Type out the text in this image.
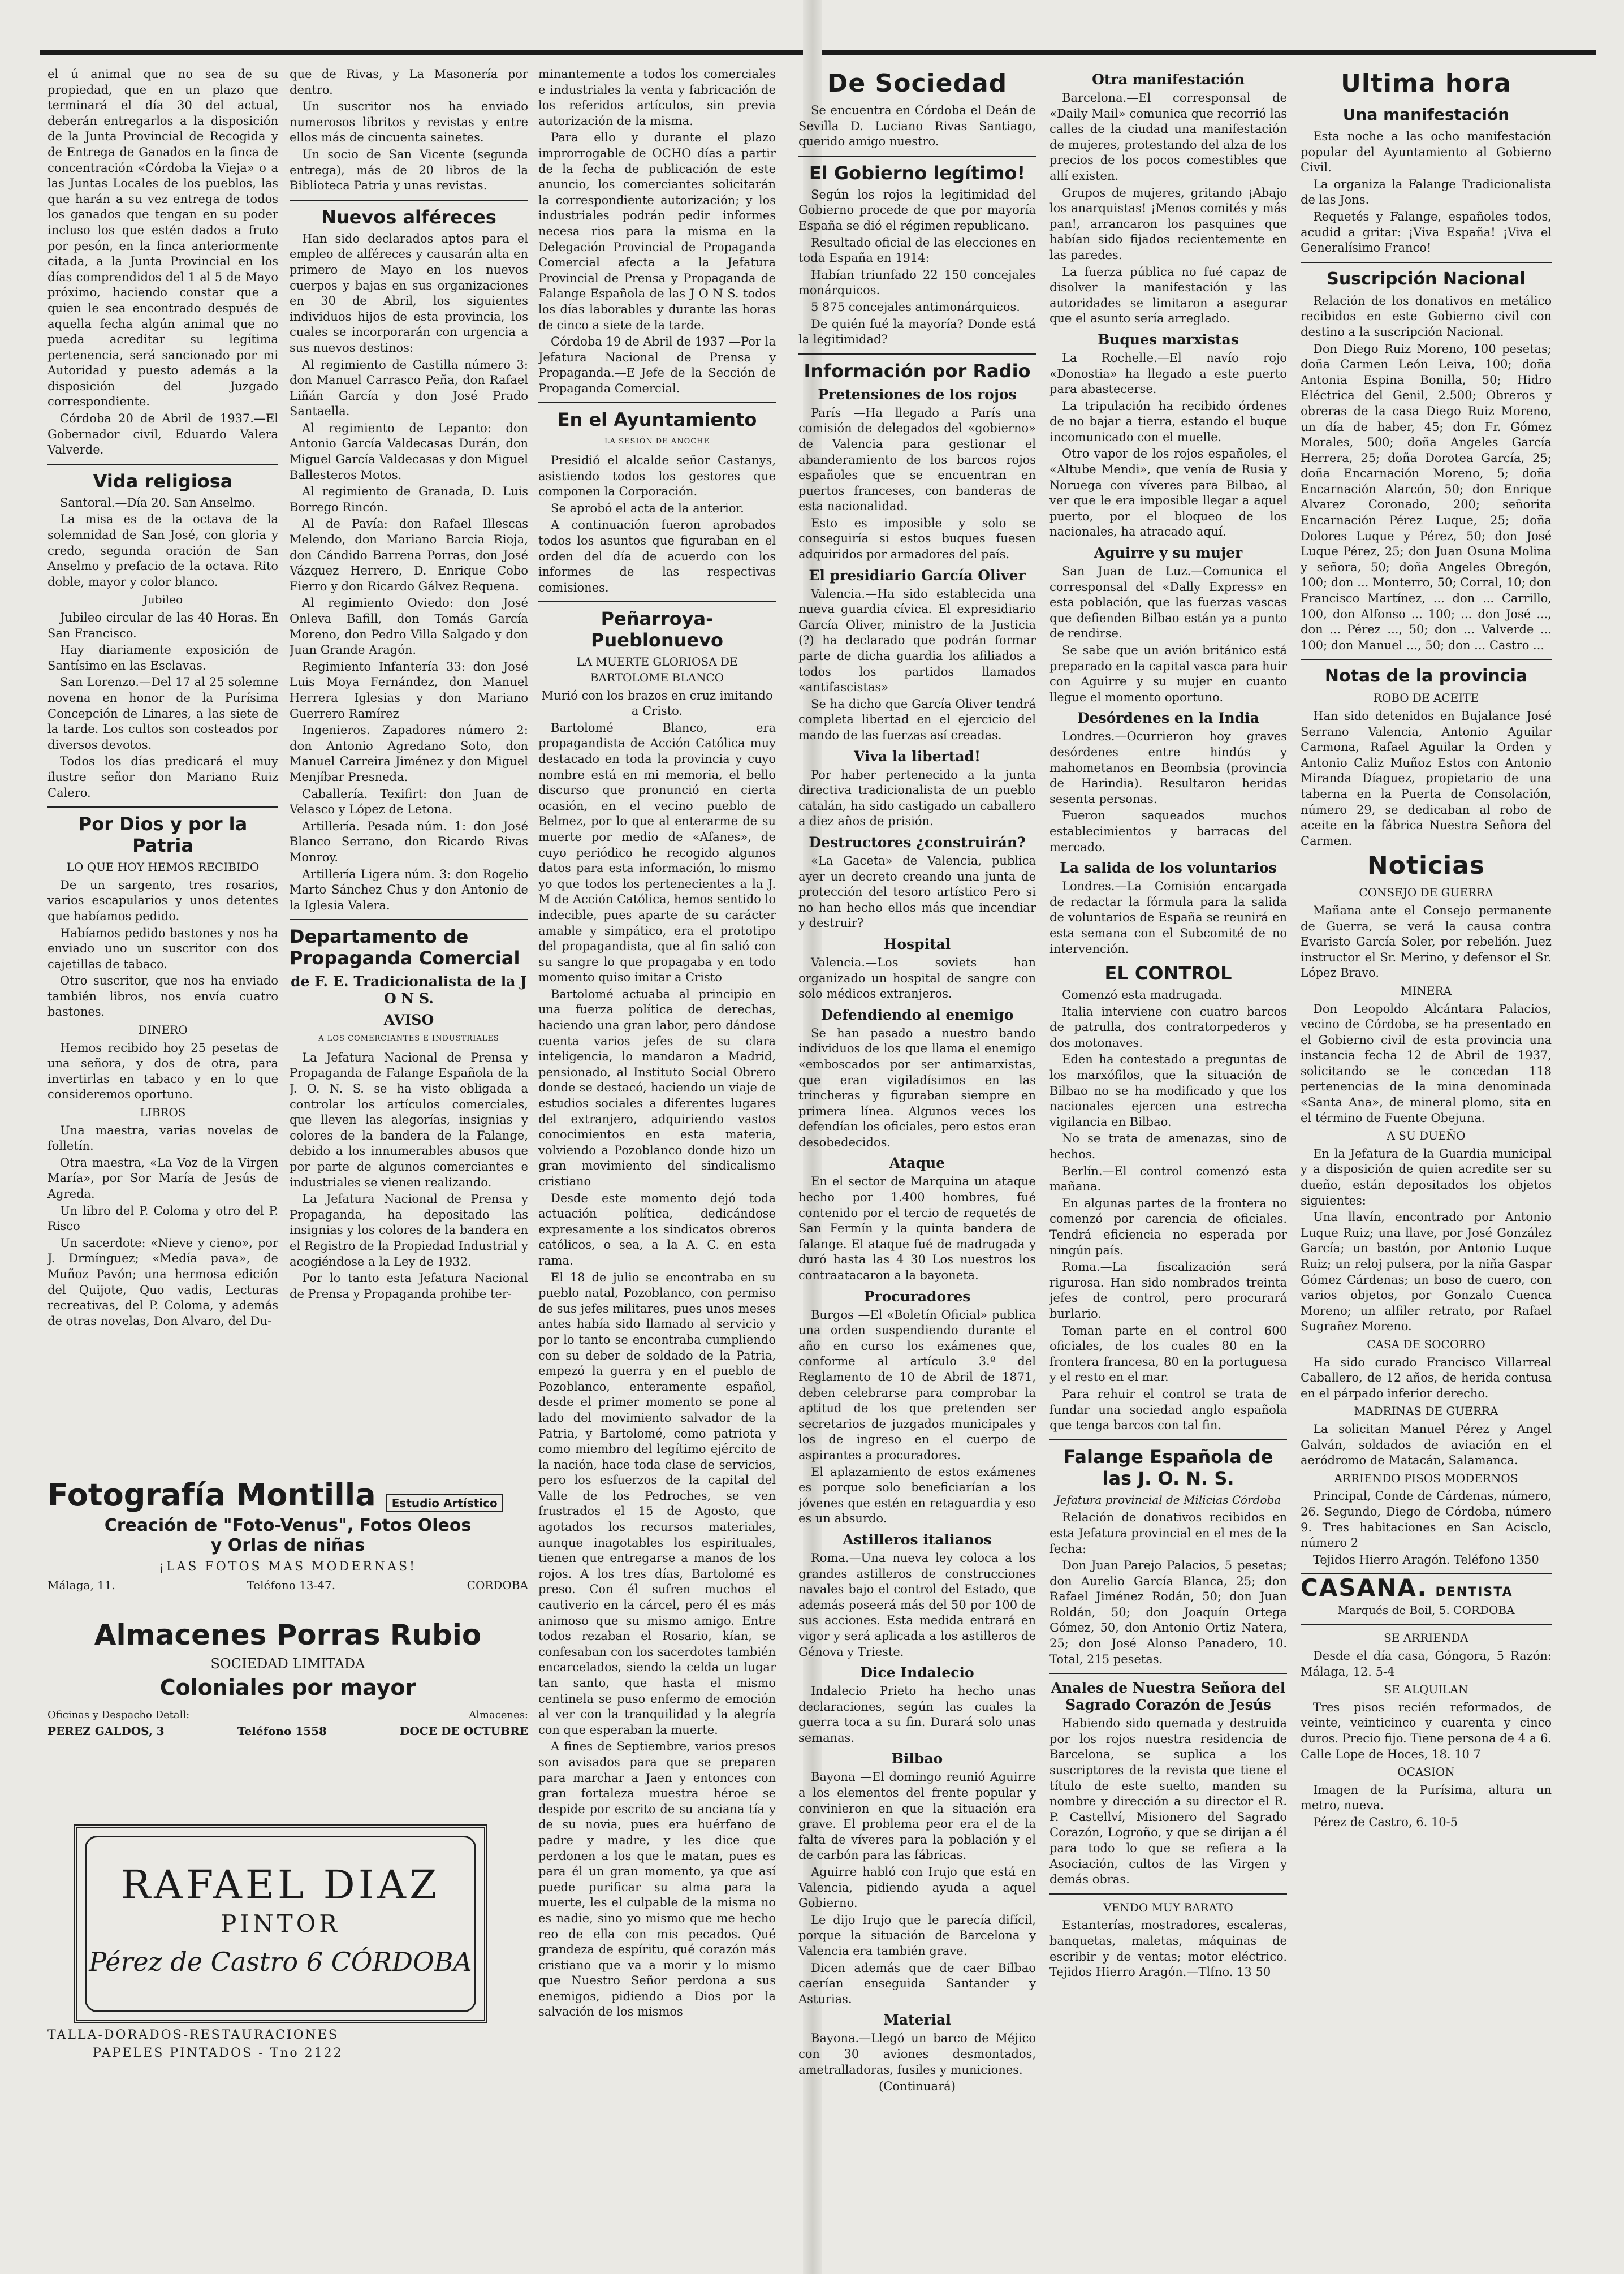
el ú animal que no sea de su propiedad, que en un plazo que terminará el día 30 del actual, deberán entregarlos a la disposición de la Junta Provincial de Recogida y de Entrega de Ganados en la finca de concentración «Córdoba la Vieja» o a las Juntas Locales de los pueblos, las que harán a su vez entrega de todos los ganados que tengan en su poder incluso los que estén dados a fruto por pesón, en la finca anteriormente citada, a la Junta Provincial en los días comprendidos del 1 al 5 de Mayo próximo, haciendo constar que a quien le sea encontrado después de aquella fecha algún animal que no pueda acreditar su legítima pertenencia, será sancionado por mi Autoridad y puesto además a la disposición del Juzgado correspondiente.

Córdoba 20 de Abril de 1937.—El Gobernador civil, Eduardo Valera Valverde.

Vida religiosa

Santoral.—Día 20. San Anselmo.

La misa es de la octava de la solemnidad de San José, con gloria y credo, segunda oración de San Anselmo y prefacio de la octava. Rito doble, mayor y color blanco.

Jubileo

Jubileo circular de las 40 Horas. En San Francisco.

Hay diariamente exposición de Santísimo en las Esclavas.

San Lorenzo.—Del 17 al 25 solemne novena en honor de la Purísima Concepción de Linares, a las siete de la tarde. Los cultos son costeados por diversos devotos.

Todos los días predicará el muy ilustre señor don Mariano Ruiz Calero.

Por Dios y por la Patria
LO QUE HOY HEMOS RECIBIDO

De un sargento, tres rosarios, varios escapularios y unos detentes que habíamos pedido.

Habíamos pedido bastones y nos ha enviado uno un suscritor con dos cajetillas de tabaco.

Otro suscritor, que nos ha enviado también libros, nos envía cuatro bastones.

DINERO

Hemos recibido hoy 25 pesetas de una señora, y dos de otra, para invertirlas en tabaco y en lo que consideremos oportuno.

LIBROS

Una maestra, varias novelas de folletín.

Otra maestra, «La Voz de la Virgen María», por Sor María de Jesús de Agreda.

Un libro del P. Coloma y otro del P. Risco

Un sacerdote: «Nieve y cieno», por J. Drmínguez; «Medía pava», de Muñoz Pavón; una hermosa edición del Quijote, Quo vadis, Lecturas recreativas, del P. Coloma, y además de otras novelas, Don Alvaro, del Du-

que de Rivas, y La Masonería por dentro.

Un suscritor nos ha enviado numerosos libritos y revistas y entre ellos más de cincuenta sainetes.

Un socio de San Vicente (segunda entrega), más de 20 libros de la Biblioteca Patria y unas revistas.

Nuevos alféreces

Han sido declarados aptos para el empleo de alféreces y causarán alta en primero de Mayo en los nuevos cuerpos y bajas en sus organizaciones en 30 de Abril, los siguientes individuos hijos de esta provincia, los cuales se incorporarán con urgencia a sus nuevos destinos:

Al regimiento de Castilla número 3: don Manuel Carrasco Peña, don Rafael Liñán García y don José Prado Santaella.

Al regimiento de Lepanto: don Antonio García Valdecasas Durán, don Miguel García Valdecasas y don Miguel Ballesteros Motos.

Al regimiento de Granada, D. Luis Borrego Rincón.

Al de Pavía: don Rafael Illescas Melendo, don Mariano Barcia Rioja, don Cándido Barrena Porras, don José Vázquez Herrero, D. Enrique Cobo Fierro y don Ricardo Gálvez Requena.

Al regimiento Oviedo: don José Onleva Bafill, don Tomás García Moreno, don Pedro Villa Salgado y don Juan Grande Aragón.

Regimiento Infantería 33: don José Luis Moya Fernández, don Manuel Herrera Iglesias y don Mariano Guerrero Ramírez

Ingenieros. Zapadores número 2: don Antonio Agredano Soto, don Manuel Carreira Jiménez y don Miguel Menjíbar Presneda.

Caballería. Texifirt: don Juan de Velasco y López de Letona.

Artillería. Pesada núm. 1: don José Blanco Serrano, don Ricardo Rivas Monroy.

Artillería Ligera núm. 3: don Rogelio Marto Sánchez Chus y don Antonio de la Iglesia Valera.

Departamento de Propaganda Comercial
de F. E. Tradicionalista de la J O N S.
AVISO
A LOS COMERCIANTES E INDUSTRIALES

La Jefatura Nacional de Prensa y Propaganda de Falange Española de la J. O. N. S. se ha visto obligada a controlar los artículos comerciales, que lleven las alegorías, insignias y colores de la bandera de la Falange, debido a los innumerables abusos que por parte de algunos comerciantes e industriales se vienen realizando.

La Jefatura Nacional de Prensa y Propaganda, ha depositado las insignias y los colores de la bandera en el Registro de la Propiedad Industrial y acogiéndose a la Ley de 1932.

Por lo tanto esta Jefatura Nacional de Prensa y Propaganda prohibe ter-

minantemente a todos los comerciales e industriales la venta y fabricación de los referidos artículos, sin previa autorización de la misma.

Para ello y durante el plazo improrrogable de OCHO días a partir de la fecha de publicación de este anuncio, los comerciantes solicitarán la correspondiente autorización; y los industriales podrán pedir informes necesa rios para la misma en la Delegación Provincial de Propaganda Comercial afecta a la Jefatura Provincial de Prensa y Propaganda de Falange Española de las J O N S. todos los días laborables y durante las horas de cinco a siete de la tarde.

Córdoba 19 de Abril de 1937 —Por la Jefatura Nacional de Prensa y Propaganda.—E Jefe de la Sección de Propaganda Comercial.

En el Ayuntamiento
LA SESIÓN DE ANOCHE

Presidió el alcalde señor Castanys, asistiendo todos los gestores que componen la Corporación.

Se aprobó el acta de la anterior.

A continuación fueron aprobados todos los asuntos que figuraban en el orden del día de acuerdo con los informes de las respectivas comisiones.

Peñarroya-Pueblonuevo
LA MUERTE GLORIOSA DE BARTOLOME BLANCO

Murió con los brazos en cruz imitando a Cristo.

Bartolomé Blanco, era propagandista de Acción Católica muy destacado en toda la provincia y cuyo nombre está en mi memoria, el bello discurso que pronunció en cierta ocasión, en el vecino pueblo de Belmez, por lo que al enterarme de su muerte por medio de «Afanes», de cuyo periódico he recogido algunos datos para esta información, lo mismo yo que todos los pertenecientes a la J. M de Acción Católica, hemos sentido lo indecible, pues aparte de su carácter amable y simpático, era el prototipo del propagandista, que al fin salió con su sangre lo que propagaba y en todo momento quiso imitar a Cristo

Bartolomé actuaba al principio en una fuerza política de derechas, haciendo una gran labor, pero dándose cuenta varios jefes de su clara inteligencia, lo mandaron a Madrid, pensionado, al Instituto Social Obrero donde se destacó, haciendo un viaje de estudios sociales a diferentes lugares del extranjero, adquiriendo vastos conocimientos en esta materia, volviendo a Pozoblanco donde hizo un gran movimiento del sindicalismo cristiano

Desde este momento dejó toda actuación política, dedicándose expresamente a los sindicatos obreros católicos, o sea, a la A. C. en esta rama.

El 18 de julio se encontraba en su pueblo natal, Pozoblanco, con permiso de sus jefes militares, pues unos meses antes había sido llamado al servicio y por lo tanto se encontraba cumpliendo con su deber de soldado de la Patria, empezó la guerra y en el pueblo de Pozoblanco, enteramente español, desde el primer momento se pone al lado del movimiento salvador de la Patria, y Bartolomé, como patriota y como miembro del legítimo ejército de la nación, hace toda clase de servicios, pero los esfuerzos de la capital del Valle de los Pedroches, se ven frustrados el 15 de Agosto, que agotados los recursos materiales, aunque inagotables los espirituales, tienen que entregarse a manos de los rojos. A los tres días, Bartolomé es preso. Con él sufren muchos el cautiverio en la cárcel, pero él es más animoso que su mismo amigo. Entre todos rezaban el Rosario, kían, se confesaban con los sacerdotes también encarcelados, siendo la celda un lugar tan santo, que hasta el mismo centinela se puso enfermo de emoción al ver con la tranquilidad y la alegría con que esperaban la muerte.

A fines de Septiembre, varios presos son avisados para que se preparen para marchar a Jaen y entonces con gran fortaleza muestra héroe se despide por escrito de su anciana tía y de su novia, pues era huérfano de padre y madre, y les dice que perdonen a los que le matan, pues es para él un gran momento, ya que así puede purificar su alma para la muerte, les el culpable de la misma no es nadie, sino yo mismo que me hecho reo de ella con mis pecados. Qué grandeza de espíritu, qué corazón más cristiano que va a morir y lo mismo que Nuestro Señor perdona a sus enemigos, pidiendo a Dios por la salvación de los mismos

De Sociedad

Se encuentra en Córdoba el Deán de Sevilla D. Luciano Rivas Santiago, querido amigo nuestro.

El Gobierno legítimo!

Según los rojos la legitimidad del Gobierno procede de que por mayoría España se dió el régimen republicano.

Resultado oficial de las elecciones en toda España en 1914:

Habían triunfado 22 150 concejales monárquicos.

5 875 concejales antimonárquicos.

De quién fué la mayoría? Donde está la legitimidad?

Información por Radio
Pretensiones de los rojos

París —Ha llegado a París una comisión de delegados del «gobierno» de Valencia para gestionar el abanderamiento de los barcos rojos españoles que se encuentran en puertos franceses, con banderas de esta nacionalidad.

Esto es imposible y solo se conseguiría si estos buques fuesen adquiridos por armadores del país.

El presidiario García Oliver

Valencia.—Ha sido establecida una nueva guardia cívica. El expresidiario García Oliver, ministro de la Justicia (?) ha declarado que podrán formar parte de dicha guardia los afiliados a todos los partidos llamados «antifascistas»

Se ha dicho que García Oliver tendrá completa libertad en el ejercicio del mando de las fuerzas así creadas.

Viva la libertad!

Por haber pertenecido a la junta directiva tradicionalista de un pueblo catalán, ha sido castigado un caballero a diez años de prisión.

Destructores ¿construirán?

«La Gaceta» de Valencia, publica ayer un decreto creando una junta de protección del tesoro artístico Pero si no han hecho ellos más que incendiar y destruir?

Hospital

Valencia.—Los soviets han organizado un hospital de sangre con solo médicos extranjeros.

Defendiendo al enemigo

Se han pasado a nuestro bando individuos de los que llama el enemigo «emboscados por ser antimarxistas, que eran vigiladísimos en las trincheras y figuraban siempre en primera línea. Algunos veces los defendían los oficiales, pero estos eran desobedecidos.

Ataque

En el sector de Marquina un ataque hecho por 1.400 hombres, fué contenido por el tercio de requetés de San Fermín y la quinta bandera de falange. El ataque fué de madrugada y duró hasta las 4 30 Los nuestros los contraatacaron a la bayoneta.

Procuradores

Burgos —El «Boletín Oficial» publica una orden suspendiendo durante el año en curso los exámenes que, conforme al artículo 3.º del Reglamento de 10 de Abril de 1871, deben celebrarse para comprobar la aptitud de los que pretenden ser secretarios de juzgados municipales y los de ingreso en el cuerpo de aspirantes a procuradores.

El aplazamiento de estos exámenes es porque solo beneficiarían a los jóvenes que estén en retaguardia y eso es un absurdo.

Astilleros italianos

Roma.—Una nueva ley coloca a los grandes astilleros de construcciones navales bajo el control del Estado, que además poseerá más del 50 por 100 de sus acciones. Esta medida entrará en vigor y será aplicada a los astilleros de Génova y Trieste.

Dice Indalecio

Indalecio Prieto ha hecho unas declaraciones, según las cuales la guerra toca a su fin. Durará solo unas semanas.

Bilbao

Bayona —El domingo reunió Aguirre a los elementos del frente popular y convinieron en que la situación era grave. El problema peor era el de la falta de víveres para la población y el de carbón para las fábricas.

Aguirre habló con Irujo que está en Valencia, pidiendo ayuda a aquel Gobierno.

Le dijo Irujo que le parecía difícil, porque la situación de Barcelona y Valencia era también grave.

Dicen además que de caer Bilbao caerían enseguida Santander y Asturias.

Material

Bayona.—Llegó un barco de Méjico con 30 aviones desmontados, ametralladoras, fusiles y municiones.

(Continuará)

Otra manifestación

Barcelona.—El corresponsal de «Daily Mail» comunica que recorrió las calles de la ciudad una manifestación de mujeres, protestando del alza de los precios de los pocos comestibles que allí existen.

Grupos de mujeres, gritando ¡Abajo los anarquistas! ¡Menos comités y más pan!, arrancaron los pasquines que habían sido fijados recientemente en las paredes.

La fuerza pública no fué capaz de disolver la manifestación y las autoridades se limitaron a asegurar que el asunto sería arreglado.

Buques marxistas

La Rochelle.—El navío rojo «Donostia» ha llegado a este puerto para abastecerse.

La tripulación ha recibido órdenes de no bajar a tierra, estando el buque incomunicado con el muelle.

Otro vapor de los rojos españoles, el «Altube Mendi», que venía de Rusia y Noruega con víveres para Bilbao, al ver que le era imposible llegar a aquel puerto, por el bloqueo de los nacionales, ha atracado aquí.

Aguirre y su mujer

San Juan de Luz.—Comunica el corresponsal del «Dally Express» en esta población, que las fuerzas vascas que defienden Bilbao están ya a punto de rendirse.

Se sabe que un avión británico está preparado en la capital vasca para huir con Aguirre y su mujer en cuanto llegue el momento oportuno.

Desórdenes en la India

Londres.—Ocurrieron hoy graves desórdenes entre hindús y mahometanos en Beombsia (provincia de Harindia). Resultaron heridas sesenta personas.

Fueron saqueados muchos establecimientos y barracas del mercado.

La salida de los voluntarios

Londres.—La Comisión encargada de redactar la fórmula para la salida de voluntarios de España se reunirá en esta semana con el Subcomité de no intervención.

EL CONTROL

Comenzó esta madrugada.

Italia interviene con cuatro barcos de patrulla, dos contratorpederos y dos motonaves.

Eden ha contestado a preguntas de los marxófilos, que la situación de Bilbao no se ha modificado y que los nacionales ejercen una estrecha vigilancia en Bilbao.

No se trata de amenazas, sino de hechos.

Berlín.—El control comenzó esta mañana.

En algunas partes de la frontera no comenzó por carencia de oficiales. Tendrá eficiencia no esperada por ningún país.

Roma.—La fiscalización será rigurosa. Han sido nombrados treinta jefes de control, pero procurará burlario.

Toman parte en el control 600 oficiales, de los cuales 80 en la frontera francesa, 80 en la portuguesa y el resto en el mar.

Para rehuir el control se trata de fundar una sociedad anglo española que tenga barcos con tal fin.

Falange Española de las J. O. N. S.
Jefatura provincial de Milicias Córdoba

Relación de donativos recibidos en esta Jefatura provincial en el mes de la fecha:

Don Juan Parejo Palacios, 5 pesetas; don Aurelio García Blanca, 25; don Rafael Jiménez Rodán, 50; don Juan Roldán, 50; don Joaquín Ortega Gómez, 50, don Antonio Ortiz Natera, 25; don José Alonso Panadero, 10. Total, 215 pesetas.

Anales de Nuestra Señora del Sagrado Corazón de Jesús

Habiendo sido quemada y destruida por los rojos nuestra residencia de Barcelona, se suplica a los suscriptores de la revista que tiene el título de este suelto, manden su nombre y dirección a su director el R. P. Castellví, Misionero del Sagrado Corazón, Logroño, y que se dirijan a él para todo lo que se refiera a la Asociación, cultos de las Virgen y demás obras.

VENDO MUY BARATO

Estanterías, mostradores, escaleras, banquetas, maletas, máquinas de escribir y de ventas; motor eléctrico. Tejidos Hierro Aragón.—Tlfno. 13 50

Ultima hora
Una manifestación

Esta noche a las ocho manifestación popular del Ayuntamiento al Gobierno Civil.

La organiza la Falange Tradicionalista de las Jons.

Requetés y Falange, españoles todos, acudid a gritar: ¡Viva España! ¡Viva el Generalísimo Franco!

Suscripción Nacional

Relación de los donativos en metálico recibidos en este Gobierno civil con destino a la suscripción Nacional.

Don Diego Ruiz Moreno, 100 pesetas; doña Carmen León Leiva, 100; doña Antonia Espina Bonilla, 50; Hidro Eléctrica del Genil, 2.500; Obreros y obreras de la casa Diego Ruiz Moreno, un día de haber, 45; don Fr. Gómez Morales, 500; doña Angeles García Herrera, 25; doña Dorotea García, 25; doña Encarnación Moreno, 5; doña Encarnación Alarcón, 50; don Enrique Alvarez Coronado, 200; señorita Encarnación Pérez Luque, 25; doña Dolores Luque y Pérez, 50; don José Luque Pérez, 25; don Juan Osuna Molina y señora, 50; doña Angeles Obregón, 100; don ... Monterro, 50; Corral, 10; don Francisco Martínez, ... don ... Carrillo, 100, don Alfonso ... 100; ... don José ..., don ... Pérez ..., 50; don ... Valverde ... 100; don Manuel ..., 50; don ... Castro ...

Notas de la provincia
ROBO DE ACEITE

Han sido detenidos en Bujalance José Serrano Valencia, Antonio Aguilar Carmona, Rafael Aguilar la Orden y Antonio Caliz Muñoz Estos con Antonio Miranda Díaguez, propietario de una taberna en la Puerta de Consolación, número 29, se dedicaban al robo de aceite en la fábrica Nuestra Señora del Carmen.

Noticias
CONSEJO DE GUERRA

Mañana ante el Consejo permanente de Guerra, se verá la causa contra Evaristo García Soler, por rebelión. Juez instructor el Sr. Merino, y defensor el Sr. López Bravo.

MINERA

Don Leopoldo Alcántara Palacios, vecino de Córdoba, se ha presentado en el Gobierno civil de esta provincia una instancia fecha 12 de Abril de 1937, solicitando se le concedan 118 pertenencias de la mina denominada «Santa Ana», de mineral plomo, sita en el término de Fuente Obejuna.

A SU DUEÑO

En la Jefatura de la Guardia municipal y a disposición de quien acredite ser su dueño, están depositados los objetos siguientes:

Una llavín, encontrado por Antonio Luque Ruiz; una llave, por José González García; un bastón, por Antonio Luque Ruiz; un reloj pulsera, por la niña Gaspar Gómez Cárdenas; un boso de cuero, con varios objetos, por Gonzalo Cuenca Moreno; un alfiler retrato, por Rafael Sugrañez Moreno.

CASA DE SOCORRO

Ha sido curado Francisco Villarreal Caballero, de 12 años, de herida contusa en el párpado inferior derecho.

MADRINAS DE GUERRA

La solicitan Manuel Pérez y Angel Galván, soldados de aviación en el aeródromo de Matacán, Salamanca.

ARRIENDO PISOS MODERNOS

Principal, Conde de Cárdenas, número, 26. Segundo, Diego de Córdoba, número 9. Tres habitaciones en San Acisclo, número 2

Tejidos Hierro Aragón. Teléfono 1350

CASANA. DENTISTA
Marqués de Boil, 5. CORDOBA
SE ARRIENDA

Desde el día casa, Góngora, 5 Razón: Málaga, 12. 5-4

SE ALQUILAN

Tres pisos recién reformados, de veinte, veinticinco y cuarenta y cinco duros. Precio fijo. Tiene persona de 4 a 6. Calle Lope de Hoces, 18. 10 7

OCASION

Imagen de la Purísima, altura un metro, nueva.

Pérez de Castro, 6. 10-5

Fotografía Montilla Estudio Artístico
Creación de "Foto-Venus", Fotos Oleos
y Orlas de niñas
¡LAS FOTOS MAS MODERNAS!
Málaga, 11.	Teléfono 13-47.	CORDOBA
Almacenes Porras Rubio
SOCIEDAD LIMITADA
Coloniales por mayor
Oficinas y Despacho Detall:	Almacenes:
PEREZ GALDOS, 3	Teléfono 1558	DOCE DE OCTUBRE
RAFAEL DIAZ
PINTOR
Pérez de Castro 6 CÓRDOBA
TALLA-DORADOS-RESTAURACIONES
PAPELES PINTADOS - Tno 2122
